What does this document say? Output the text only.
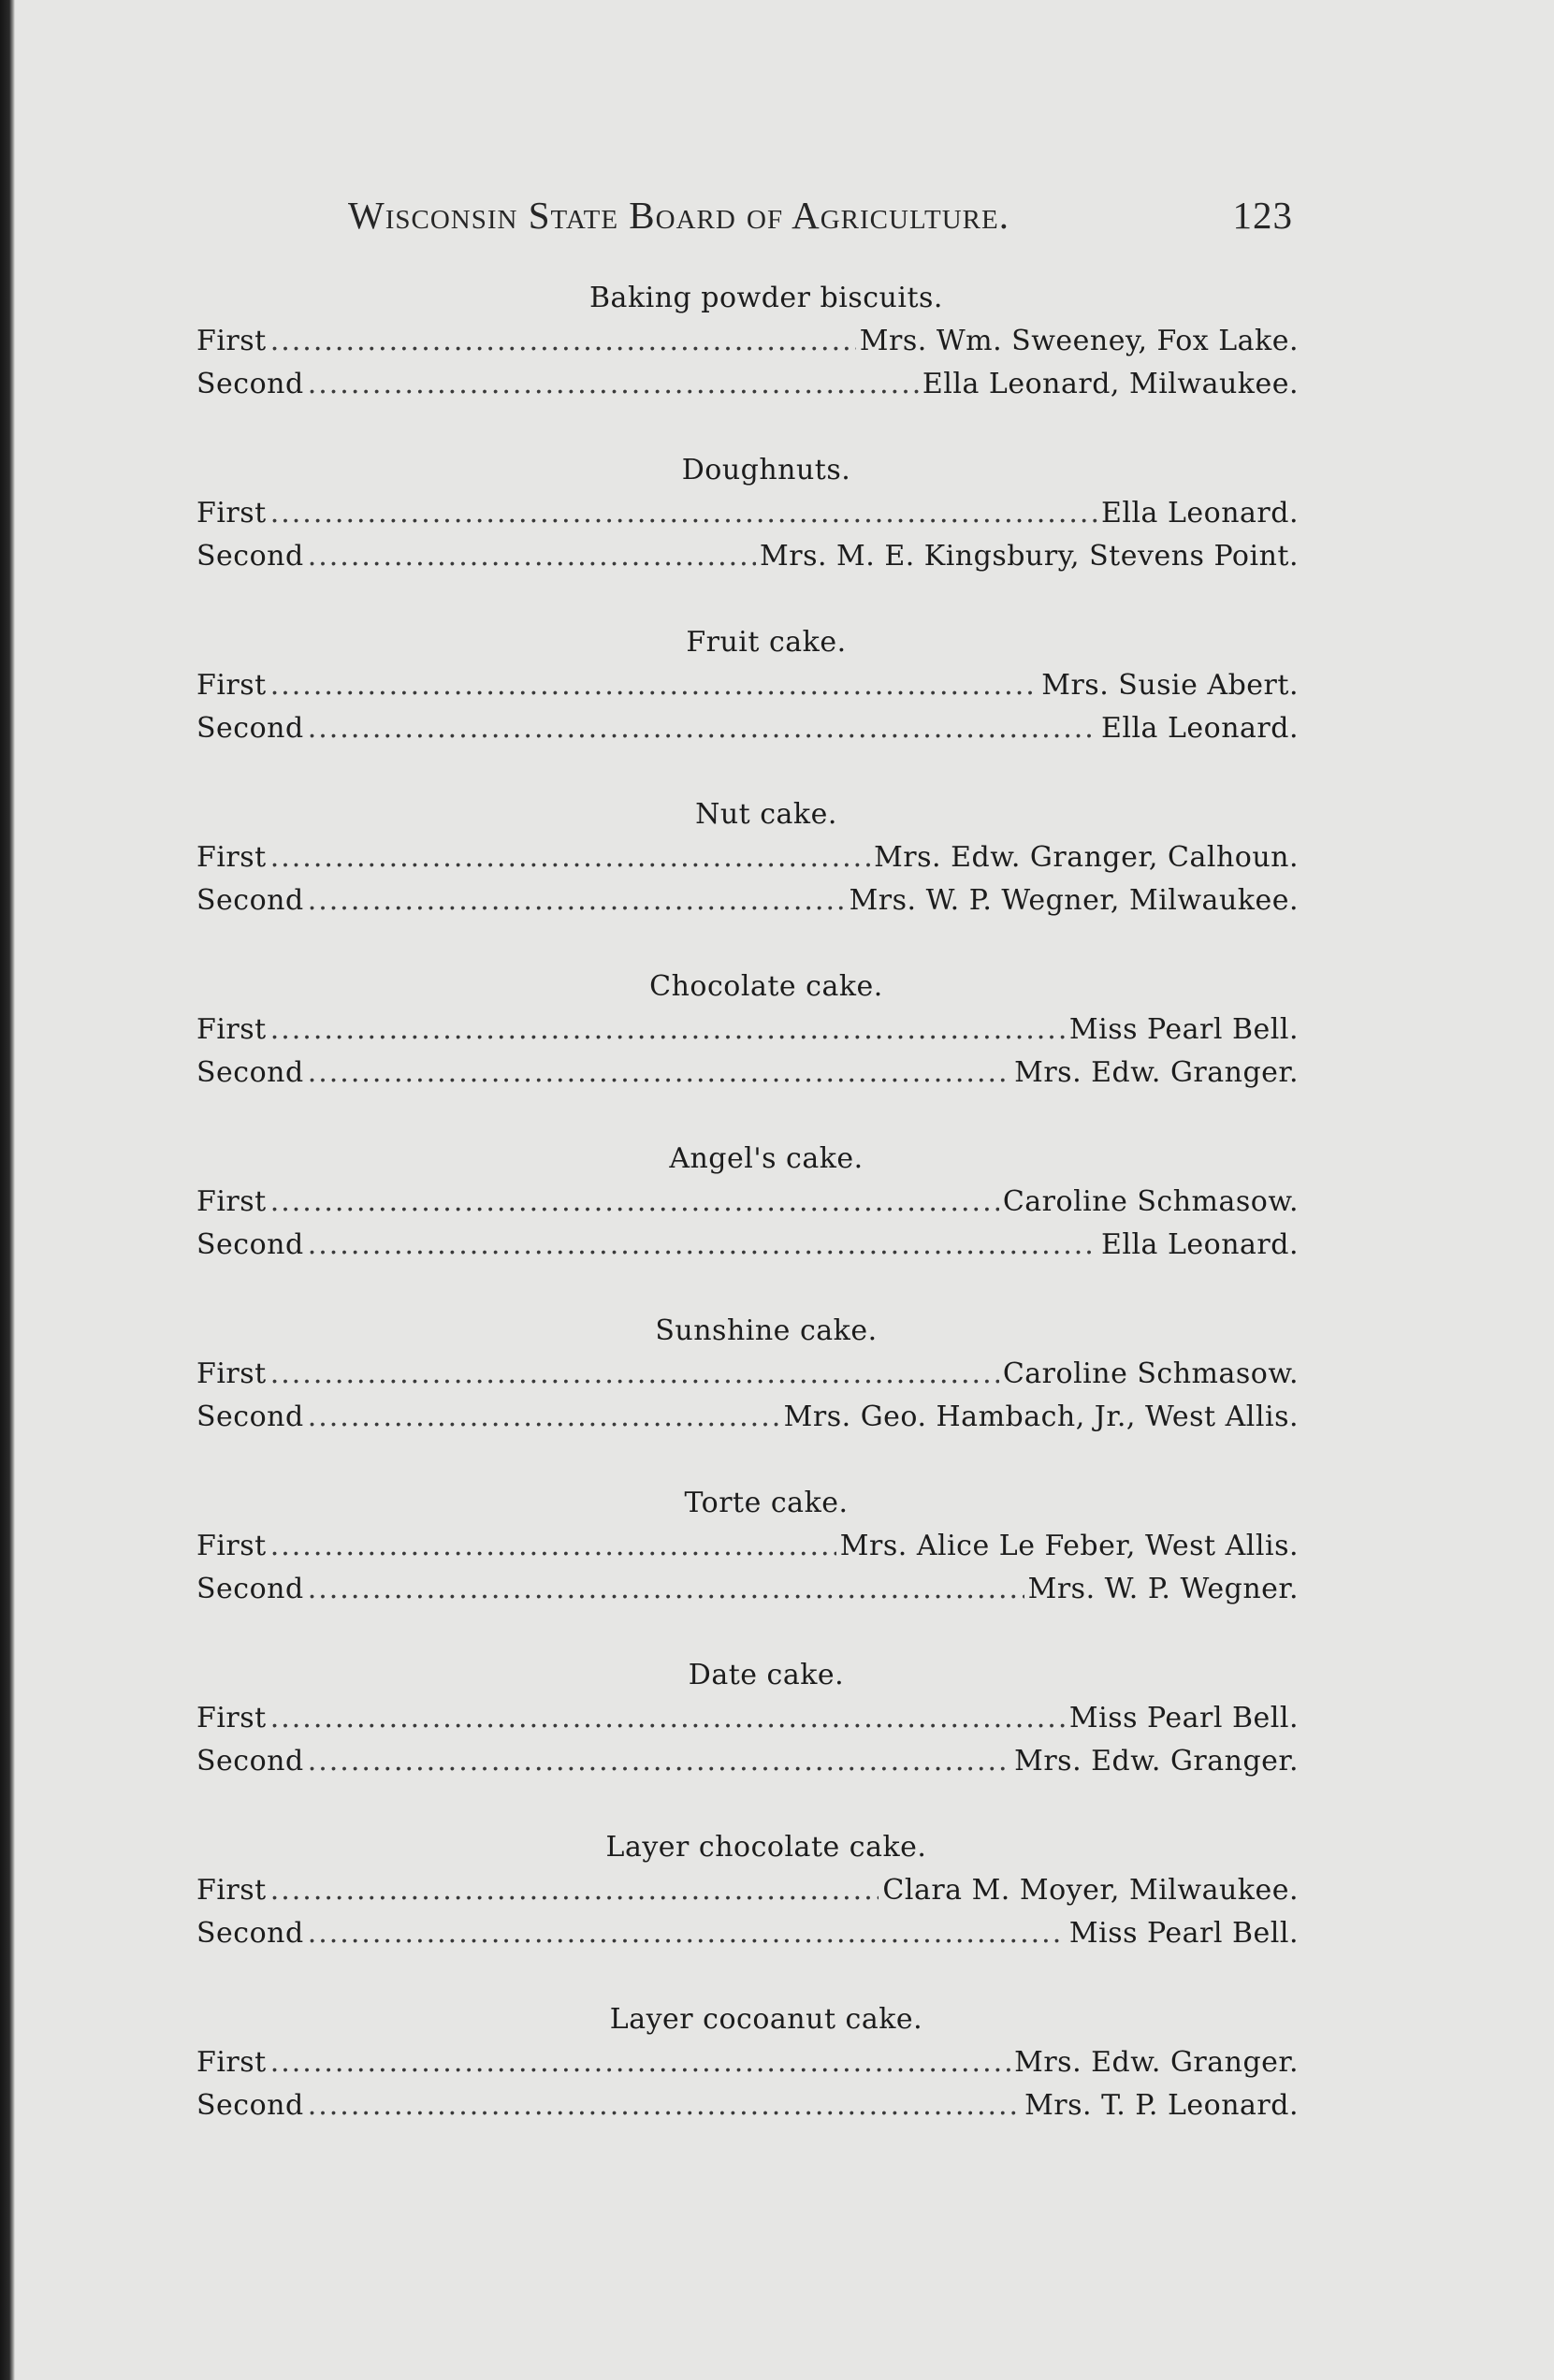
Wisconsin State Board of Agriculture.	123
Baking powder biscuits.
First .....	Mrs. Wm. Sweeney, Fox Lake.
Second .....	Ella Leonard, Milwaukee.
Doughnuts.
First .....	Ella Leonard.
Second .....	Mrs. M. E. Kingsbury, Stevens Point.
Fruit cake.
First .....	Mrs. Susie Abert.
Second .....	Ella Leonard.
Nut cake.
First .....	Mrs. Edw. Granger, Calhoun.
Second .....	Mrs. W. P. Wegner, Milwaukee.
Chocolate cake.
First .....	Miss Pearl Bell.
Second .....	Mrs. Edw. Granger.
Angel's cake.
First .....	Caroline Schmasow.
Second .....	Ella Leonard.
Sunshine cake.
First .....	Caroline Schmasow.
Second .....	Mrs. Geo. Hambach, Jr., West Allis.
Torte cake.
First .....	Mrs. Alice Le Feber, West Allis.
Second .....	Mrs. W. P. Wegner.
Date cake.
First .....	Miss Pearl Bell.
Second .....	Mrs. Edw. Granger.
Layer chocolate cake.
First .....	Clara M. Moyer, Milwaukee.
Second .....	Miss Pearl Bell.
Layer cocoanut cake.
First .....	Mrs. Edw. Granger.
Second .....	Mrs. T. P. Leonard.
